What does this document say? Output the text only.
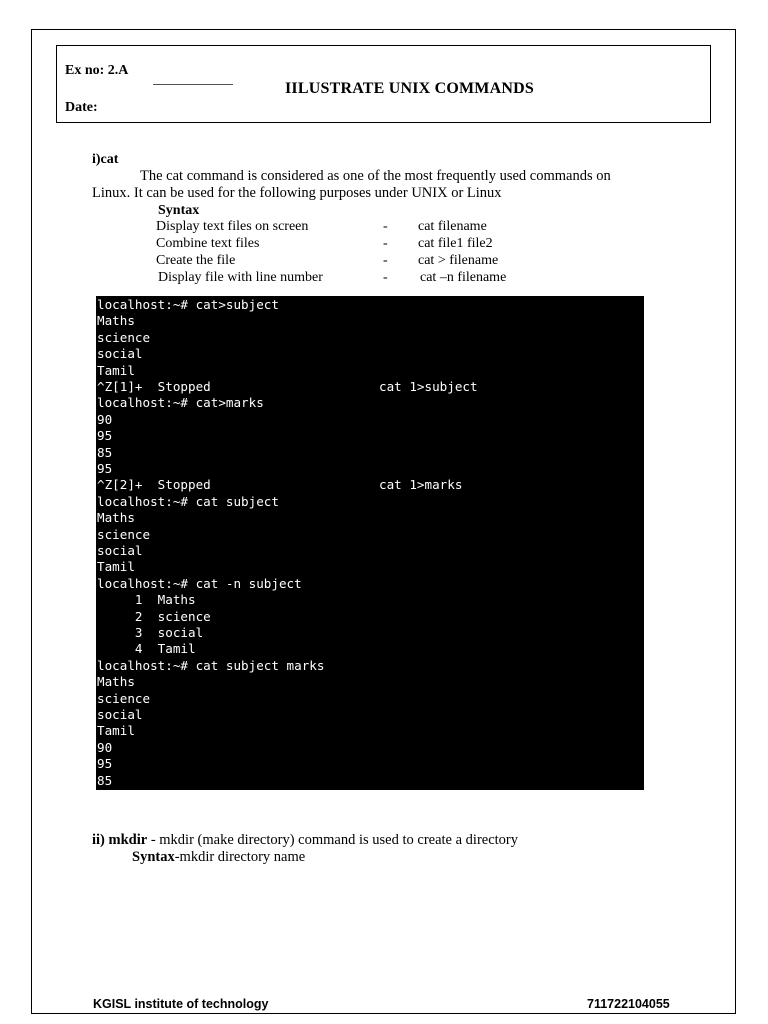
Ex no: 2.A
IILUSTRATE UNIX COMMANDS
Date:
i)cat
The cat command is considered as one of the most frequently used commands on
Linux. It can be used for the following purposes under UNIX or Linux
Syntax
Display text files on screen	- cat filename
Combine text files	- cat file1 file2
Create the file	- cat > filename
Display file with line number	- cat –n filename
localhost:~# cat>subject
Maths
science
social
Tamil
^Z[1]+  Stopped	cat 1>subject
localhost:~# cat>marks
90
95
85
95
^Z[2]+  Stopped	cat 1>marks
localhost:~# cat subject
Maths
science
social
Tamil
localhost:~# cat -n subject
1  Maths
2  science
3  social
4  Tamil
localhost:~# cat subject marks
Maths
science
social
Tamil
90
95
85
ii) mkdir - mkdir (make directory) command is used to create a directory
Syntax-mkdir directory name
KGISL institute of technology	711722104055
